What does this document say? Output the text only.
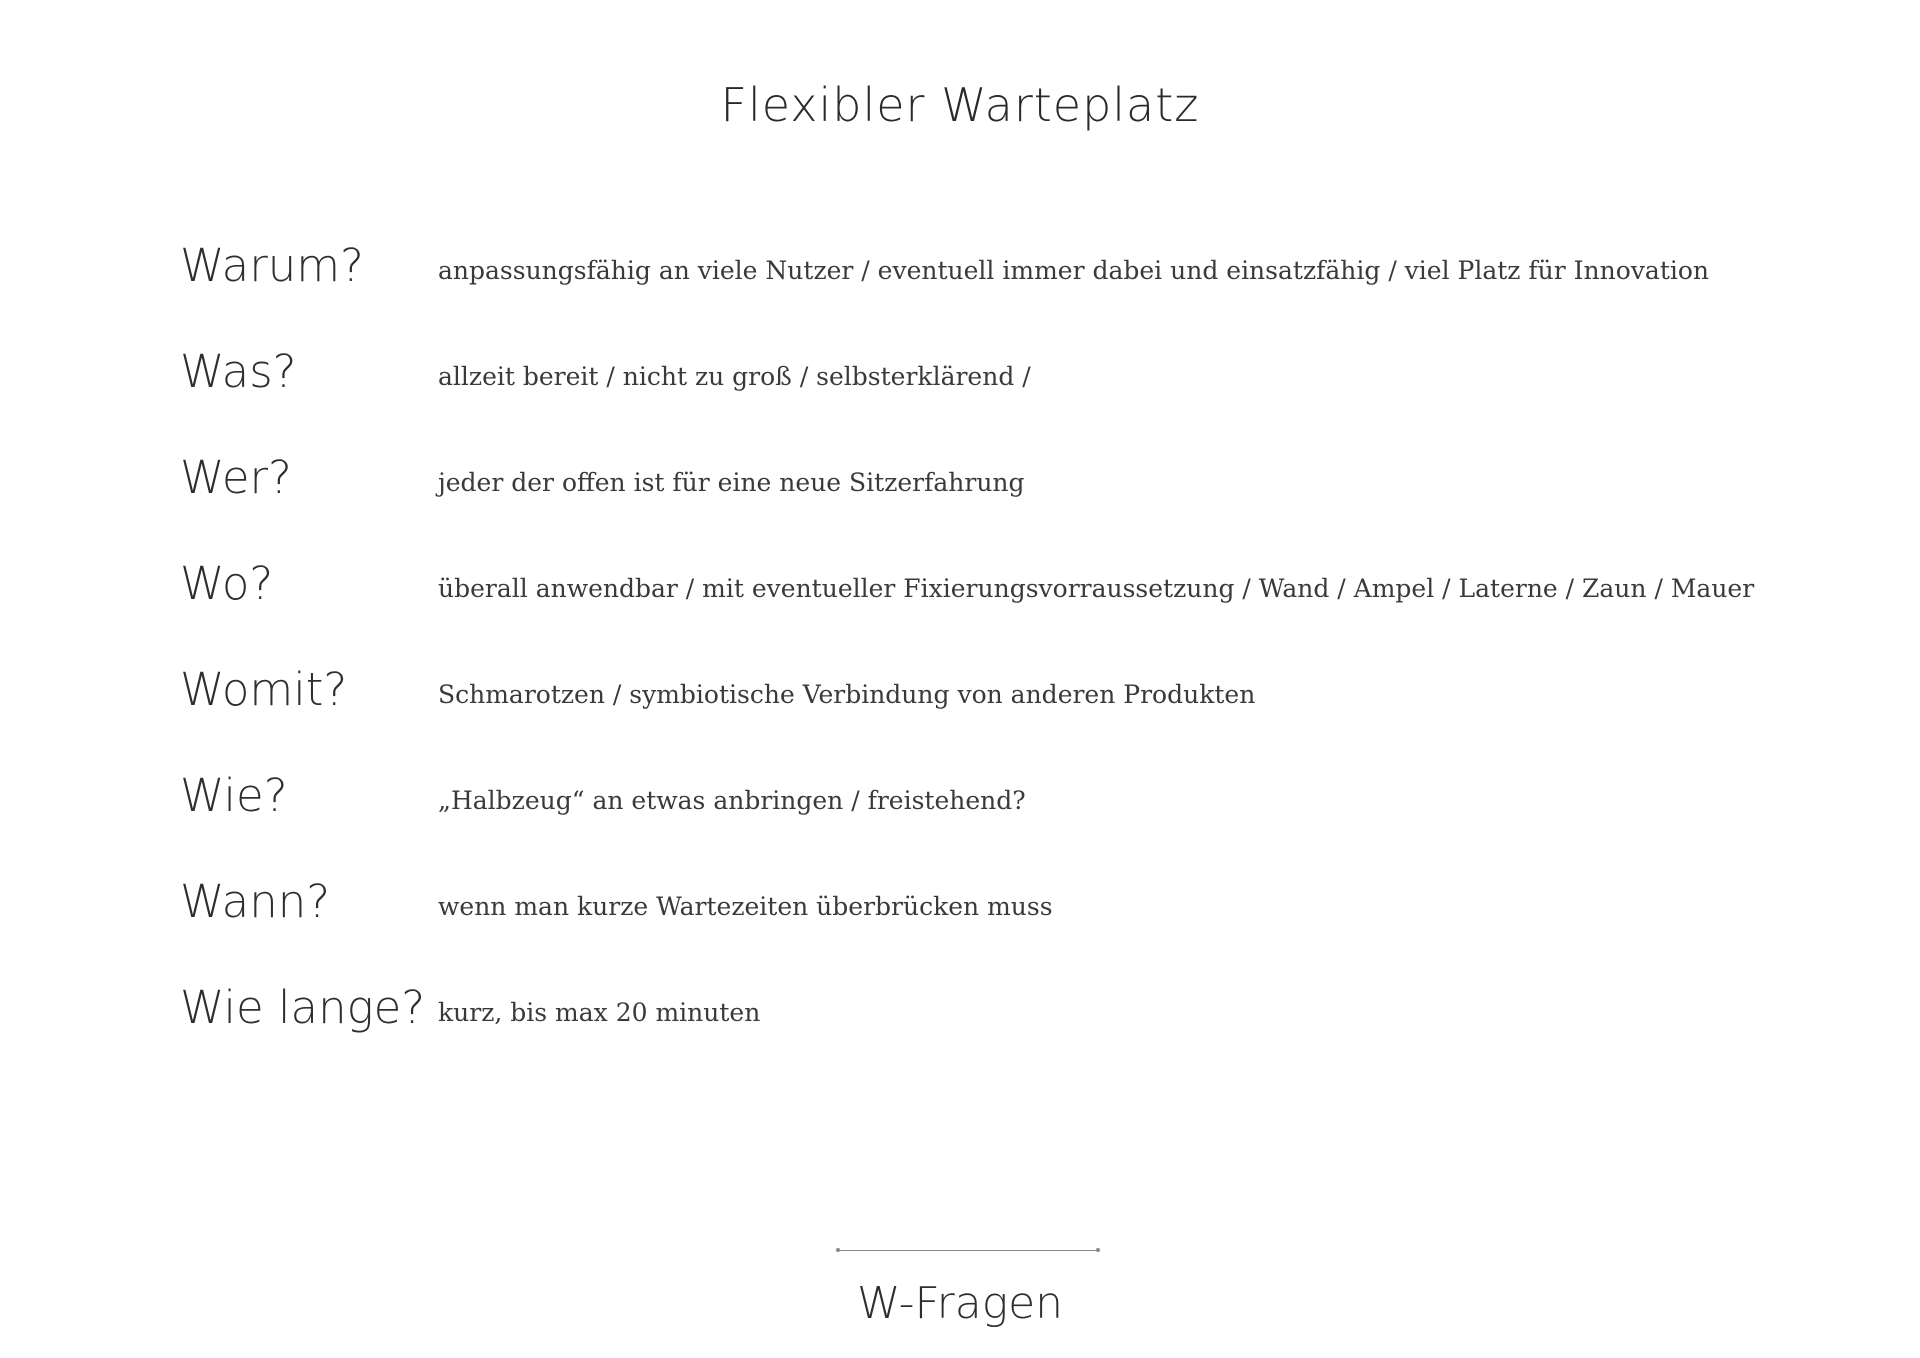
Flexibler Warteplatz
Warum?	anpassungsfähig an viele Nutzer / eventuell immer dabei und einsatzfähig / viel Platz für Innovation
Was?	allzeit bereit / nicht zu groß / selbsterklärend /
Wer?	jeder der offen ist für eine neue Sitzerfahrung
Wo?	überall anwendbar / mit eventueller Fixierungsvorraussetzung / Wand / Ampel / Laterne / Zaun / Mauer
Womit?	Schmarotzen / symbiotische Verbindung von anderen Produkten
Wie?	„Halbzeug“ an etwas anbringen / freistehend?
Wann?	wenn man kurze Wartezeiten überbrücken muss
Wie lange? kurz, bis max 20 minuten

W-Fragen
